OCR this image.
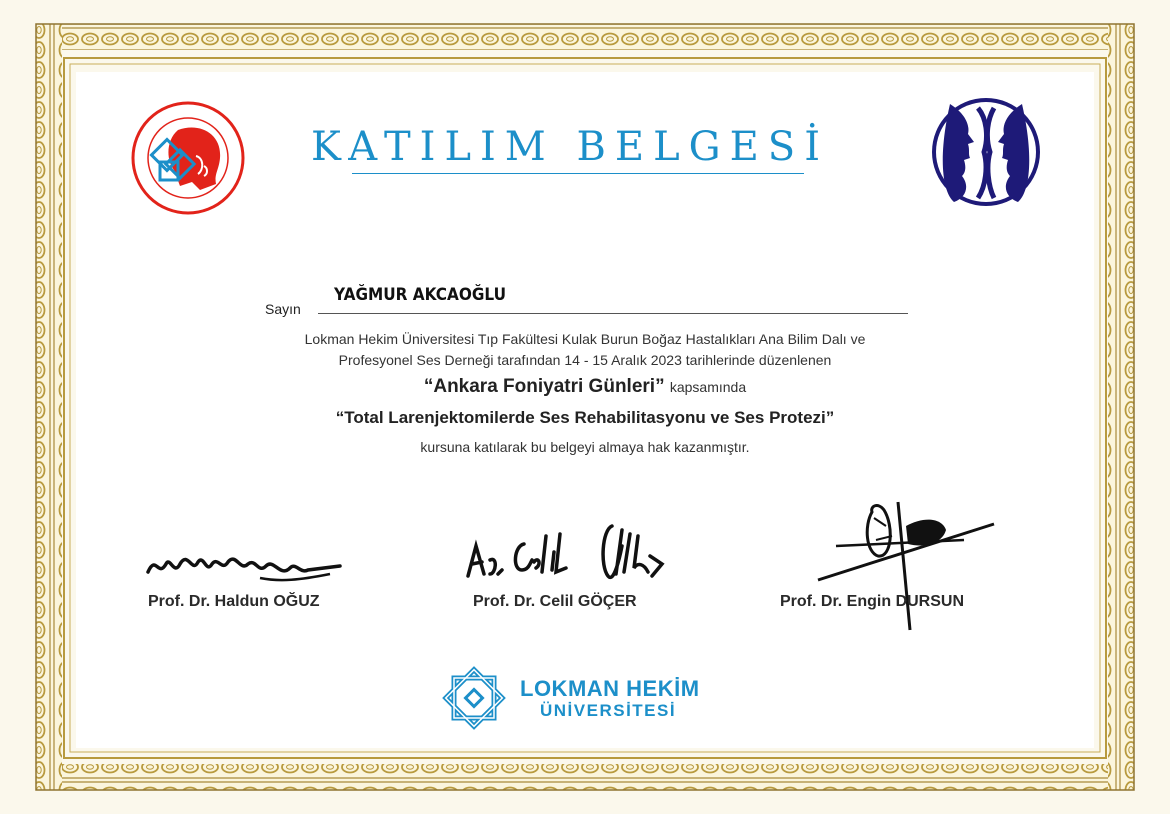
KATILIM BELGESİ
Sayın
YAĞMUR AKCAOĞLU
Lokman Hekim Üniversitesi Tıp Fakültesi Kulak Burun Boğaz Hastalıkları Ana Bilim Dalı ve
Profesyonel Ses Derneği tarafından 14 - 15 Aralık 2023 tarihlerinde düzenlenen
“Ankara Foniyatri Günleri” kapsamında
“Total Larenjektomilerde Ses Rehabilitasyonu ve Ses Protezi”
kursuna katılarak bu belgeyi almaya hak kazanmıştır.
Prof. Dr. Haldun OĞUZ	Prof. Dr. Celil GÖÇER	Prof. Dr. Engin DURSUN
LOKMAN HEKİM
ÜNİVERSİTESİ
